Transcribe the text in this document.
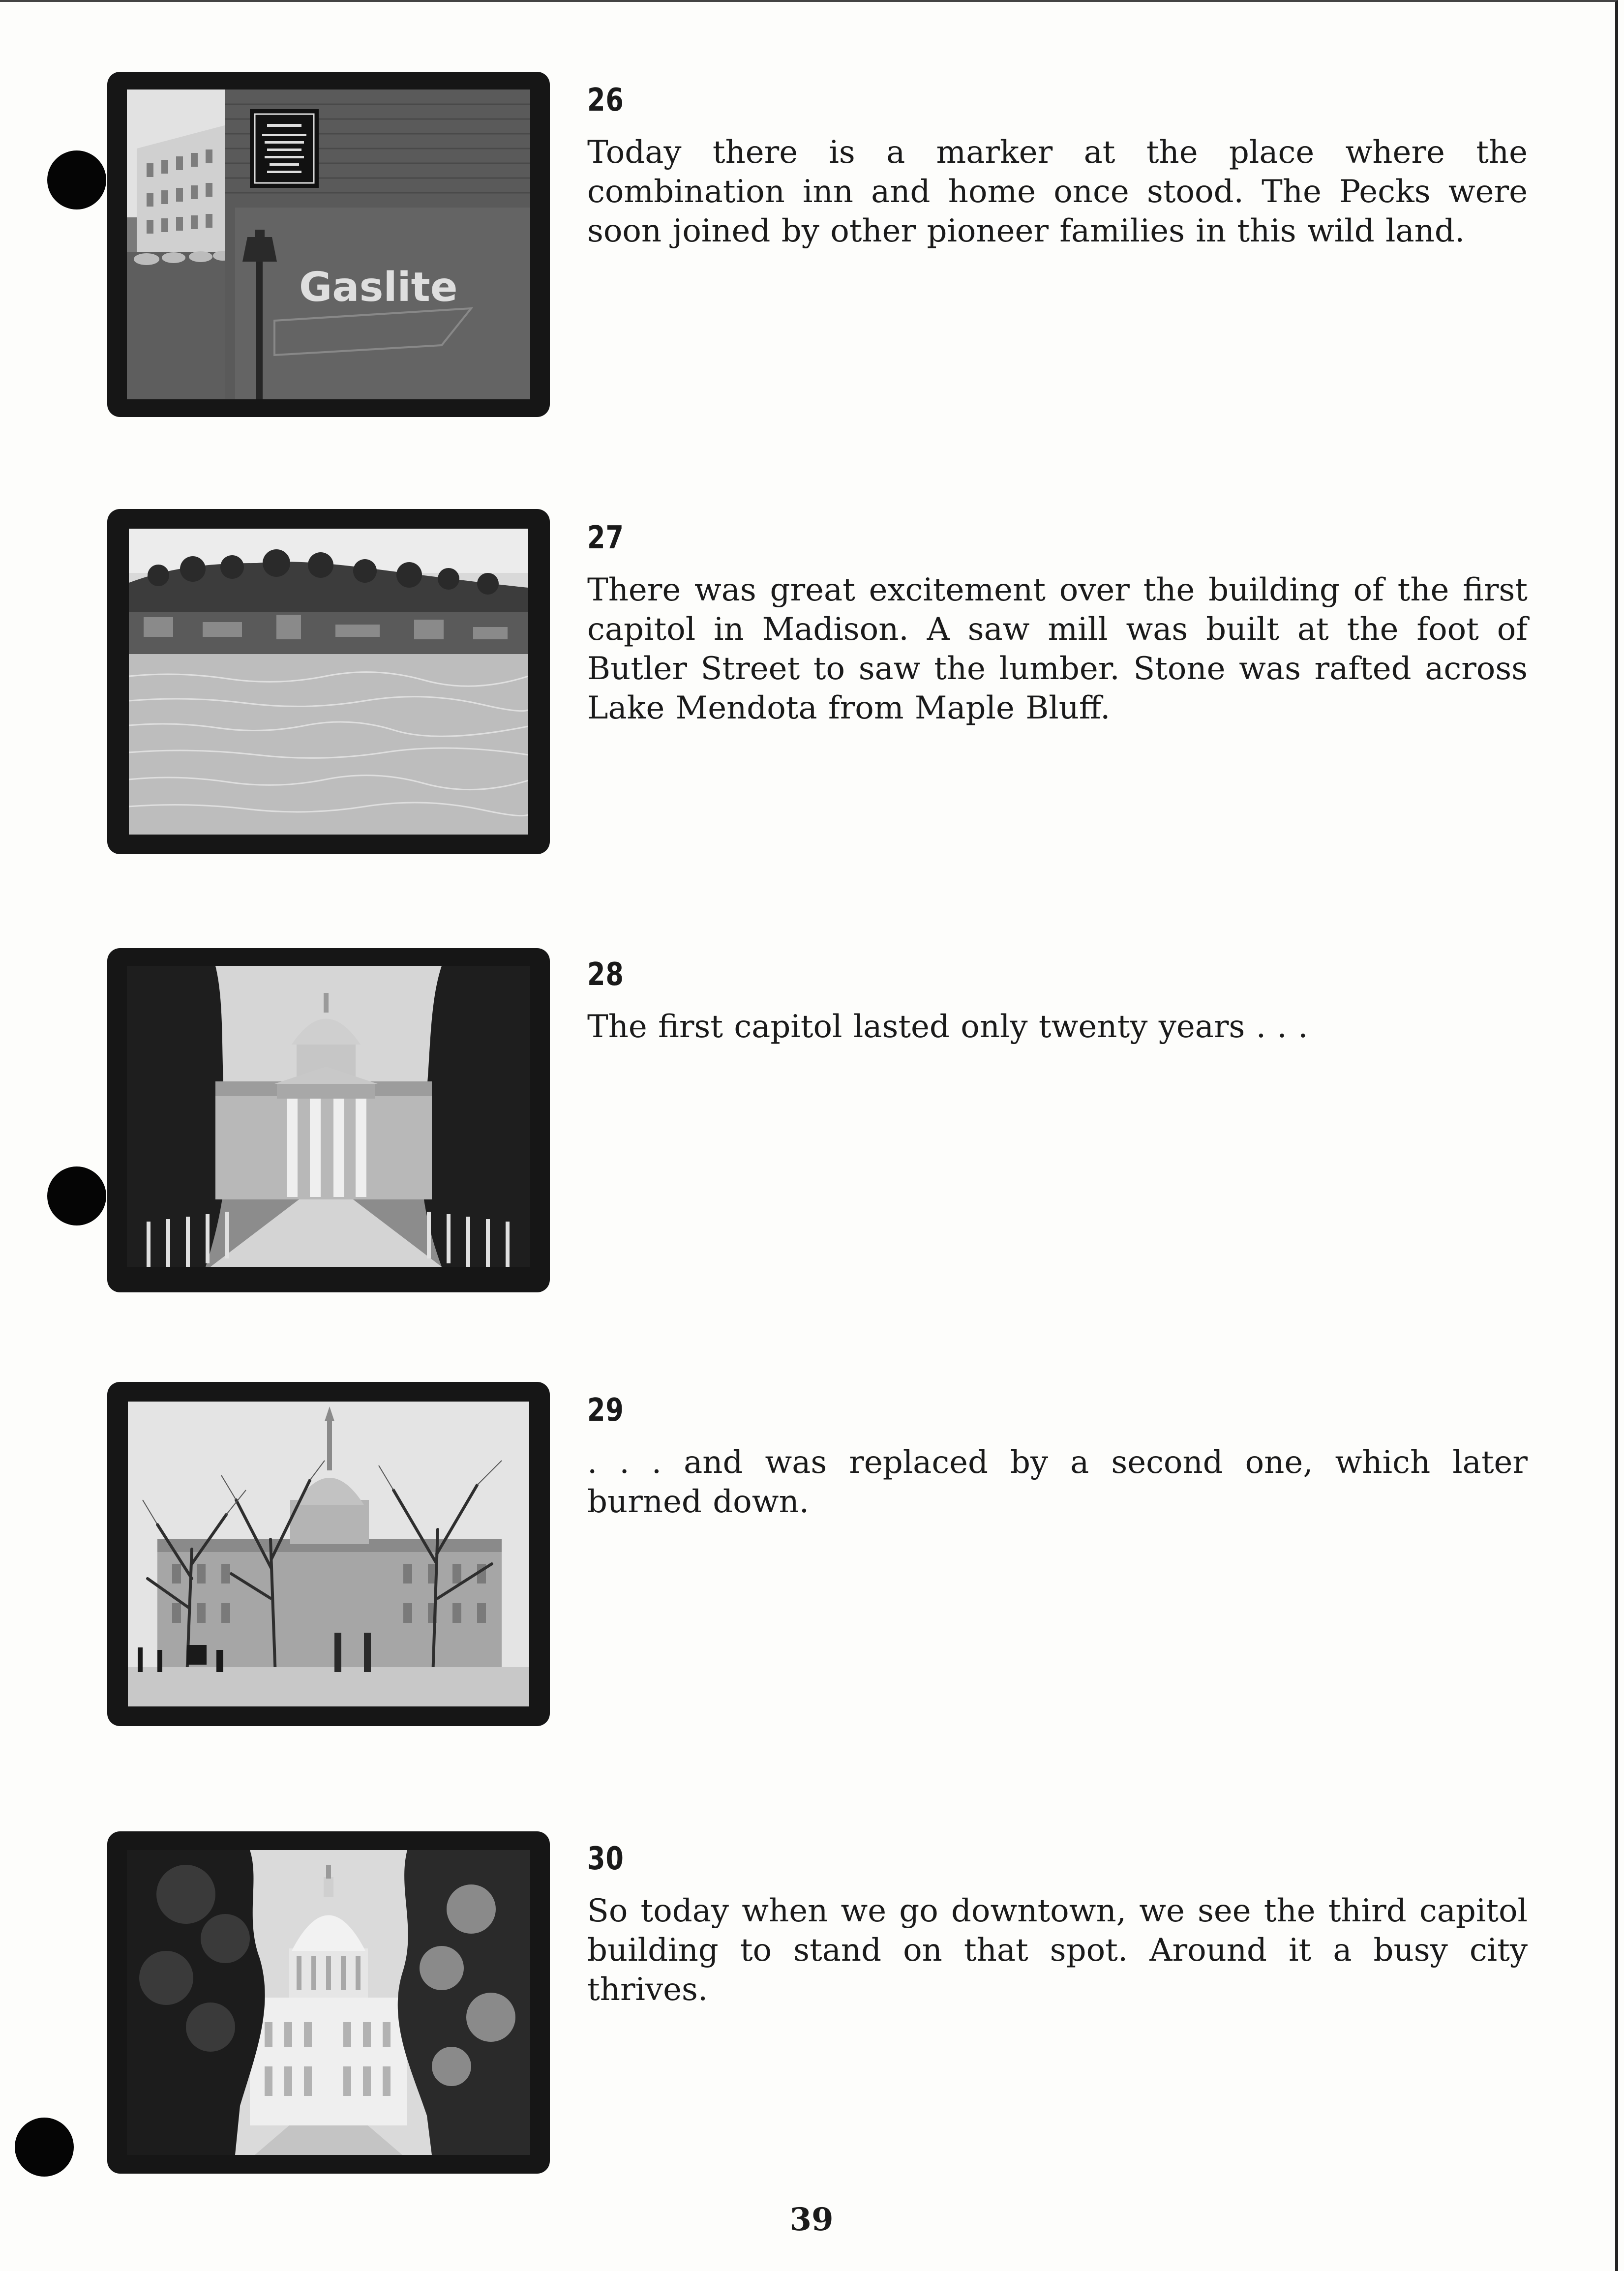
Gaslite

26

Today there is a marker at the place where the combination inn and home once stood. The Pecks were soon joined by other pioneer families in this wild land.

27

There was great excitement over the building of the first capitol in Madison. A saw mill was built at the foot of Butler Street to saw the lumber. Stone was rafted across Lake Mendota from Maple Bluff.

28

The first capitol lasted only twenty years . . .

29

. . . and was replaced by a second one, which later burned down.

30

So today when we go downtown, we see the third capitol building to stand on that spot. Around it a busy city thrives.

39
